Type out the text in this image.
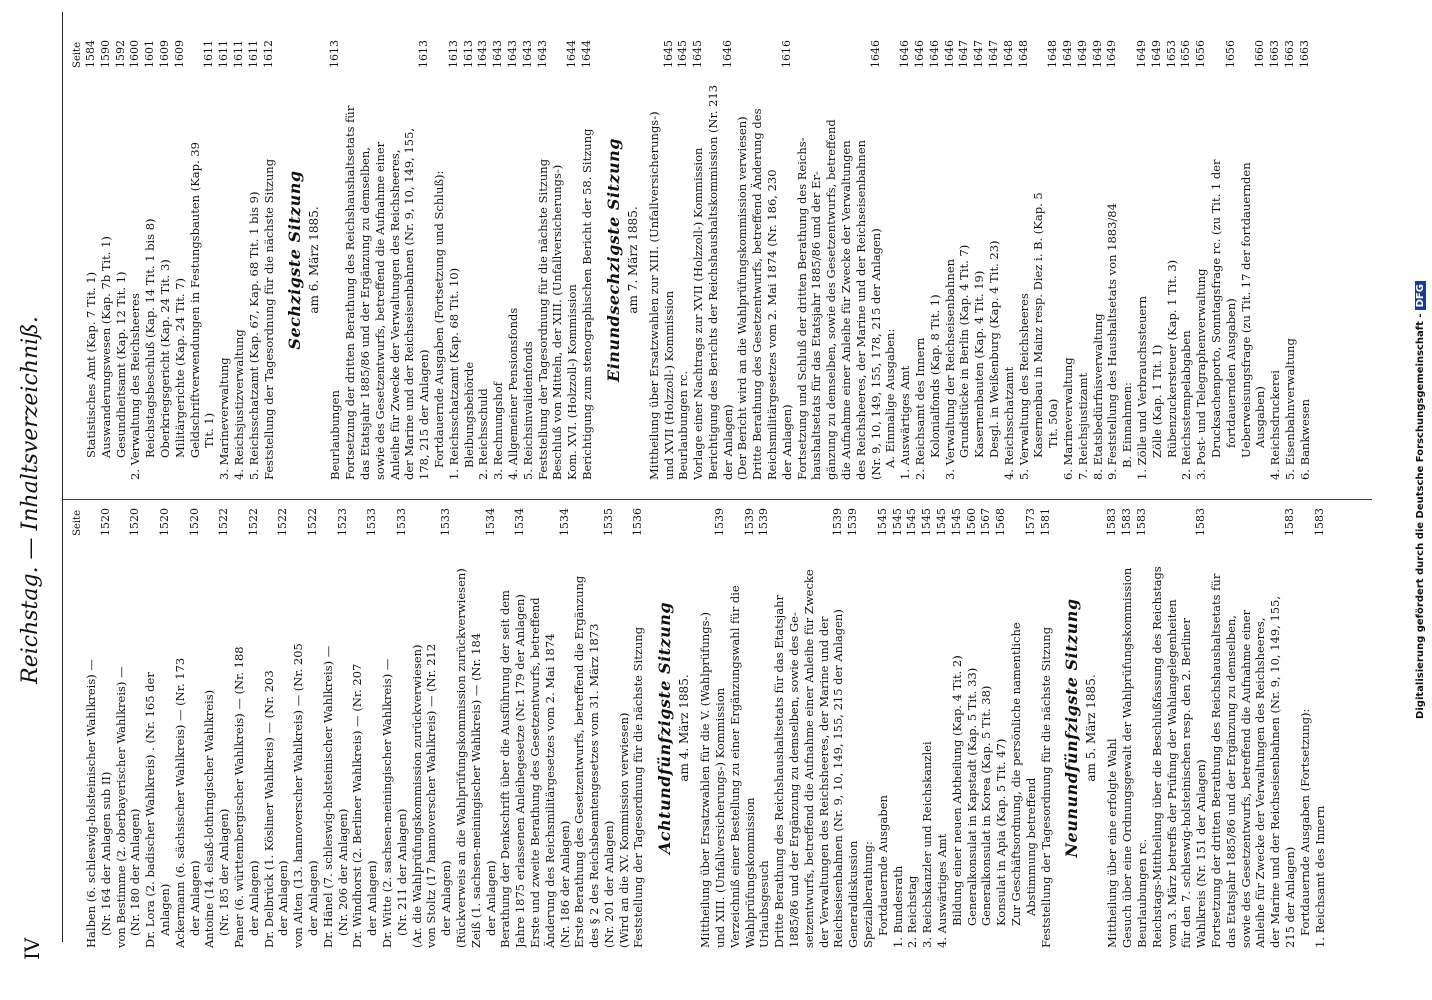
IV
Reichstag. — Inhaltsverzeichniß.	Seite
Halben (6. schleswig-holsteinischer Wahlkreis) — (Nr. 164 der Anlagen sub II)
1520
von Bestimme (2. oberbayerischer Wahlkreis) — (Nr. 180 der Anlagen)
1520
Dr. Lora (2. badischer Wahlkreis) . (Nr. 165 der Anlagen)
1520
Ackermann (6. sächsischer Wahlkreis) — (Nr. 173 der Anlagen)
1520
Antoine (14. elsaß-lothringischer Wahlkreis) (Nr. 185 der Anlagen)
1522
Paner (6. württembergischer Wahlkreis) — (Nr. 188 der Anlagen)
1522
Dr. Delbrück (1. Kösliner Wahlkreis) — (Nr. 203 der Anlagen)
1522
von Alten (13. hannoverscher Wahlkreis) — (Nr. 205 der Anlagen)
1522
Dr. Hänel (7. schleswig-holsteinischer Wahlkreis) — (Nr. 206 der Anlagen)
1523
Dr. Windhorst (2. Berliner Wahlkreis) — (Nr. 207 der Anlagen)
1533
Dr. Witte (2. sachsen-meiningischer Wahlkreis) — (Nr. 211 der Anlagen)
1533
(Ar. die Wahlprüfungskommission zurückverwiesen) von Stoltz (17 hannoverscher Wahlkreis) — (Nr. 212 der Anlagen)
1533
(Rückverweis an die Wahlprüfungskommission zurückverwiesen) Zeiß (1. sachsen-meiningischer Wahlkreis) — (Nr. 184 der Anlagen)
1534
Berathung der Denkschrift über die Ausführung der seit dem Jahre 1875 erlassenen Anleihegesetze (Nr. 179 der Anlagen)
1534
Erste und zweite Berathung des Gesetzentwurfs, betreffend Änderung des Reichsmilitärgesetzes vom 2. Mai 1874 (Nr. 186 der Anlagen)
1534
Erste Berathung des Gesetzentwurfs, betreffend die Ergänzung des § 2 des Reichsbeamtengesetzes vom 31. März 1873 (Nr. 201 der Anlagen)
1535
(Wird an die XV. Kommission verwiesen) Feststellung der Tagesordnung für die nächste Sitzung
1536
Achtundfünfzigste Sitzung am 4. März 1885. Mittheilung über Ersatzwahlen für die V. (Wahlprüfungs-) und XIII. (Unfallversicherungs-) Kommission
1539
Verzeichniß einer Bestellung zu einer Ergänzungswahl für die Wahlprüfungskommission
1539
Urlaubsgesuch
1539
Dritte Berathung des Reichshaushaltsetats für das Etatsjahr 1885/86 und der Ergänzung zu demselben, sowie des Ge- setzentwurfs, betreffend die Aufnahme einer Anleihe für Zwecke der Verwaltungen des Reichsheeres, der Marine und der Reichseisenbahnen (Nr. 9, 10, 149, 155, 215 der Anlagen)
1539
Generaldiskussion
1539
Spezialberathung: Fortdauernde Ausgaben
1545
1. Bundesrath
1545
2. Reichstag
1545
3. Reichskanzler und Reichskanzlei
1545
4. Auswärtiges Amt
1545
Bildung einer neuen Abtheilung (Kap. 4 Tit. 2)
1545
Generalkonsulat in Kapstadt (Kap. 5 Tit. 33)
1560
Generalkonsulat in Korea (Kap. 5 Tit. 38)
1567
Konsulat in Apia (Kap. 5 Tit. 47)
1568
Zur Geschäftsordnung, die persönliche namentliche Abstimmung betreffend
1573
Feststellung der Tagesordnung für die nächste Sitzung
1581
Neunundfünfzigste Sitzung am 5. März 1885.
Mittheilung über eine erfolgte Wahl
1583
Gesuch über eine Ordnungsgewalt der Wahlprüfungskommission
1583
Beurlaubungen rc.
1583
Reichstags-Mittheilung über die Beschlußfassung des Reichstags vom 3. März betreffs der Prüfung der Wahlangelegenheiten für den 7. schleswig-holsteinischen resp. den 2. Berliner Wahlkreis (Nr. 151 der Anlagen)
1583
Fortsetzung der dritten Berathung des Reichshaushaltsetats für das Etatsjahr 1885/86 und der Ergänzung zu demselben, sowie des Gesetzentwurfs, betreffend die Aufnahme einer Anleihe für Zwecke der Verwaltungen des Reichsheeres, der Marine und der Reichseisenbahnen (Nr. 9, 10, 149, 155, 215 der Anlagen)
1583
Fortdauernde Ausgaben (Fortsetzung): 1. Reichsamt des Innern
1583
Seite
Statistisches Amt (Kap. 7 Tit. 1)
1584
Auswanderungswesen (Kap. 7b Tit. 1)
1590
Gesundheitsamt (Kap. 12 Tit. 1)
1592
2. Verwaltung des Reichsheeres
1600
Reichstagsbeschluß (Kap. 14 Tit. 1 bis 8)
1601
Oberkriegsgericht (Kap. 24 Tit. 3)
1609
Militärgerichte (Kap. 24 Tit. 7)
1609
Geldschriftverwendungen in Festungsbauten (Kap. 39 Tit. 1)
1611
3. Marineverwaltung
1611
4. Reichsjustizverwaltung
1611
5. Reichsschatzamt (Kap. 67, Kap. 68 Tit. 1 bis 9)
1611
Feststellung der Tagesordnung für die nächste Sitzung
1612
Sechzigste Sitzung am 6. März 1885.
Beurlaubungen
1613
Fortsetzung der dritten Berathung des Reichshaushaltsetats für das Etatsjahr 1885/86 und der Ergänzung zu demselben, sowie des Gesetzentwurfs, betreffend die Aufnahme einer Anleihe für Zwecke der Verwaltungen des Reichsheeres, der Marine und der Reichseisenbahnen (Nr. 9, 10, 149, 155, 178, 215 der Anlagen)
1613
Fortdauernde Ausgaben (Fortsetzung und Schluß): 1. Reichsschatzamt (Kap. 68 Tit. 10)
1613
Bleibungsbehörde
1613
2. Reichsschuld
1643
3. Rechnungshof
1643
4. Allgemeiner Pensionsfonds
1643
5. Reichsinvalidenfonds
1643
Feststellung der Tagesordnung für die nächste Sitzung
1643
Beschluß von Mitteln, der XIII. (Unfallversicherungs-) Kom. XVI. (Holzzoll-) Kommission
1644
Berichtigung zum stenographischen Bericht der 58. Sitzung
1644
Einundsechzigste Sitzung am 7. März 1885. Mittheilung über Ersatzwahlen zur XIII. (Unfallversicherungs-) und XVII (Holzzoll-) Kommission
1645
Beurlaubungen rc.
1645
Vorlage einer Nachtrags zur XVII (Holzzoll-) Kommission
1645
Berichtigung des Berichts der Reichshaushaltskommission (Nr. 213 der Anlagen)
1646
(Der Bericht wird an die Wahlprüfungskommission verwiesen) Dritte Berathung des Gesetzentwurfs, betreffend Änderung des Reichsmilitärgesetzes vom 2. Mai 1874 (Nr. 186, 230 der Anlagen)
1616
Fortsetzung und Schluß der dritten Berathung des Reichs- haushaltsetats für das Etatsjahr 1885/86 und der Er- gänzung zu demselben, sowie des Gesetzentwurfs, betreffend die Aufnahme einer Anleihe für Zwecke der Verwaltungen des Reichsheeres, der Marine und der Reichseisenbahnen (Nr. 9, 10, 149, 155, 178, 215 der Anlagen)
1646
A. Einmalige Ausgaben: 1. Auswärtiges Amt
1646
2. Reichsamt des Innern
1646
Kolonialfonds (Kap. 8 Tit. 1)
1646
3. Verwaltung der Reichseisenbahnen
1646
Grundstücke in Berlin (Kap. 4 Tit. 7)
1647
Kasernenbauten (Kap. 4 Tit. 19)
1647
Desgl. in Weißenburg (Kap. 4 Tit. 23)
1647
4. Reichsschatzamt
1648
5. Verwaltung des Reichsheeres
1648
Kasernenbau in Mainz resp. Diez i. B. (Kap. 5 Tit. 50a)
1648
6. Marineverwaltung
1649
7. Reichsjustizamt
1649
8. Etatsbedürfnisverwaltung
1649
9. Feststellung des Haushaltsetats von 1883/84
1649
B. Einnahmen: 1. Zölle und Verbrauchssteuern
1649
Zölle (Kap. 1 Tit. 1)
1649
Rübenzuckersteuer (Kap. 1 Tit. 3)
1653
2. Reichsstempelabgaben
1656
3. Post- und Telegraphenverwaltung
1656
Drucksachenporto, Sonntagsfrage rc. (zu Tit. 1 der fortdauernden Ausgaben)
1656
Ueberweisungsfrage (zu Tit. 17 der fortdauernden Ausgaben)
1660
4. Reichsdruckerei
1663
5. Eisenbahnverwaltung
1663
6. Bankwesen
1663
Digitalisierung gefördert durch die Deutsche Forschungsgemeinschaft -DFG
